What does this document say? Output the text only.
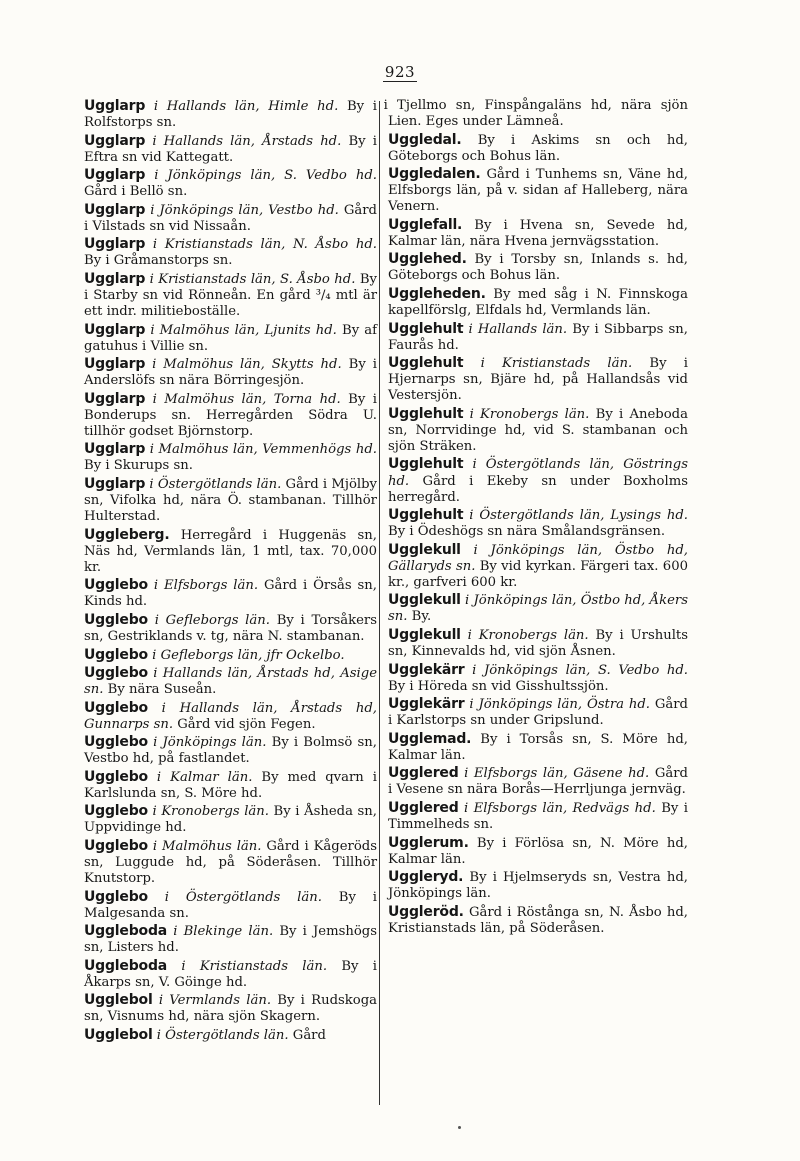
923

Ugglarp i Hallands län, Himle hd. By i Rolfstorps sn.

Ugglarp i Hallands län, Årstads hd. By i Eftra sn vid Kattegatt.

Ugglarp i Jönköpings län, S. Vedbo hd.Gård i Bellö sn.

Ugglarp i Jönköpings län, Vestbo hd. Gård i Vilstads sn vid Nissaån.

Ugglarp i Kristianstads län, N. Åsbo hd.By i Gråmanstorps sn.

Ugglarp i Kristianstads län, S. Åsbo hd. By i Starby sn vid Rönneån. En gård ³/₄ mtl är ett indr. militieboställe.

Ugglarp i Malmöhus län, Ljunits hd. By af gatuhus i Villie sn.

Ugglarp i Malmöhus län, Skytts hd. By i Anderslöfs sn nära Börringesjön.

Ugglarp i Malmöhus län, Torna hd. By i Bonderups sn. Herregården Södra U. tillhör godset Björnstorp.

Ugglarp i Malmöhus län, Vemmenhögs hd.By i Skurups sn.

Ugglarp i Östergötlands län. Gård i Mjölby sn, Vifolka hd, nära Ö. stambanan. Tillhör Hulterstad.

Uggleberg. Herregård i Huggenäs sn, Näs hd, Vermlands län, 1 mtl, tax. 70,000 kr.

Ugglebo i Elfsborgs län. Gård i Örsås sn, Kinds hd.

Ugglebo i Gefleborgs län. By i Torsåkers sn, Gestriklands v. tg, nära N. stambanan.

Ugglebo i Gefleborgs län, jfr Ockelbo.

Ugglebo i Hallands län, Årstads hd, Asige sn. By nära Suseån.

Ugglebo i Hallands län, Årstads hd, Gunnarps sn. Gård vid sjön Fegen.

Ugglebo i Jönköpings län. By i Bolmsö sn, Vestbo hd, på fastlandet.

Ugglebo i Kalmar län. By med qvarn i Karlslunda sn, S. Möre hd.

Ugglebo i Kronobergs län. By i Åsheda sn, Uppvidinge hd.

Ugglebo i Malmöhus län. Gård i Kågeröds sn, Luggude hd, på Söderåsen. Tillhör Knutstorp.

Ugglebo i Östergötlands län. By i Malgesanda sn.

Uggleboda i Blekinge län. By i Jemshögs sn, Listers hd.

Uggleboda i Kristianstads län. By i Åkarps sn, V. Göinge hd.

Ugglebol i Vermlands län. By i Rudskoga sn, Visnums hd, nära sjön Skagern.

Ugglebol i Östergötlands län. Gård

i Tjellmo sn, Finspångaläns hd, nära sjön Lien. Eges under Lämneå.

Uggledal. By i Askims sn och hd, Göteborgs och Bohus län.

Uggledalen. Gård i Tunhems sn, Väne hd, Elfsborgs län, på v. sidan af Halleberg, nära Venern.

Ugglefall. By i Hvena sn, Sevede hd, Kalmar län, nära Hvena jernvägsstation.

Ugglehed. By i Torsby sn, Inlands s. hd, Göteborgs och Bohus län.

Uggleheden. By med såg i N. Finnskoga kapellförslg, Elfdals hd, Vermlands län.

Ugglehult i Hallands län. By i Sibbarps sn, Faurås hd.

Ugglehult i Kristianstads län. By i Hjernarps sn, Bjäre hd, på Hallandsås vid Vestersjön.

Ugglehult i Kronobergs län. By i Aneboda sn, Norrvidinge hd, vid S. stambanan och sjön Sträken.

Ugglehult i Östergötlands län, Göstrings hd. Gård i Ekeby sn under Boxholms herregård.

Ugglehult i Östergötlands län, Lysings hd.By i Ödeshögs sn nära Smålandsgränsen.

Ugglekull i Jönköpings län, Östbo hd, Gällaryds sn. By vid kyrkan. Färgeri tax. 600 kr., garfveri 600 kr.

Ugglekull i Jönköpings län, Östbo hd, Åkers sn. By.

Ugglekull i Kronobergs län. By i Urshults sn, Kinnevalds hd, vid sjön Åsnen.

Ugglekärr i Jönköpings län, S. Vedbo hd.By i Höreda sn vid Gisshultssjön.

Ugglekärr i Jönköpings län, Östra hd. Gård i Karlstorps sn under Gripslund.

Ugglemad. By i Torsås sn, S. Möre hd, Kalmar län.

Ugglered i Elfsborgs län, Gäsene hd. Gård i Vesene sn nära Borås—Herrljunga jernväg.

Ugglered i Elfsborgs län, Redvägs hd. By i Timmelheds sn.

Ugglerum. By i Förlösa sn, N. Möre hd, Kalmar län.

Uggleryd. By i Hjelmseryds sn, Vestra hd, Jönköpings län.

Ugglerӧd. Gård i Röstånga sn, N. Åsbo hd, Kristianstads län, på Söderåsen.
